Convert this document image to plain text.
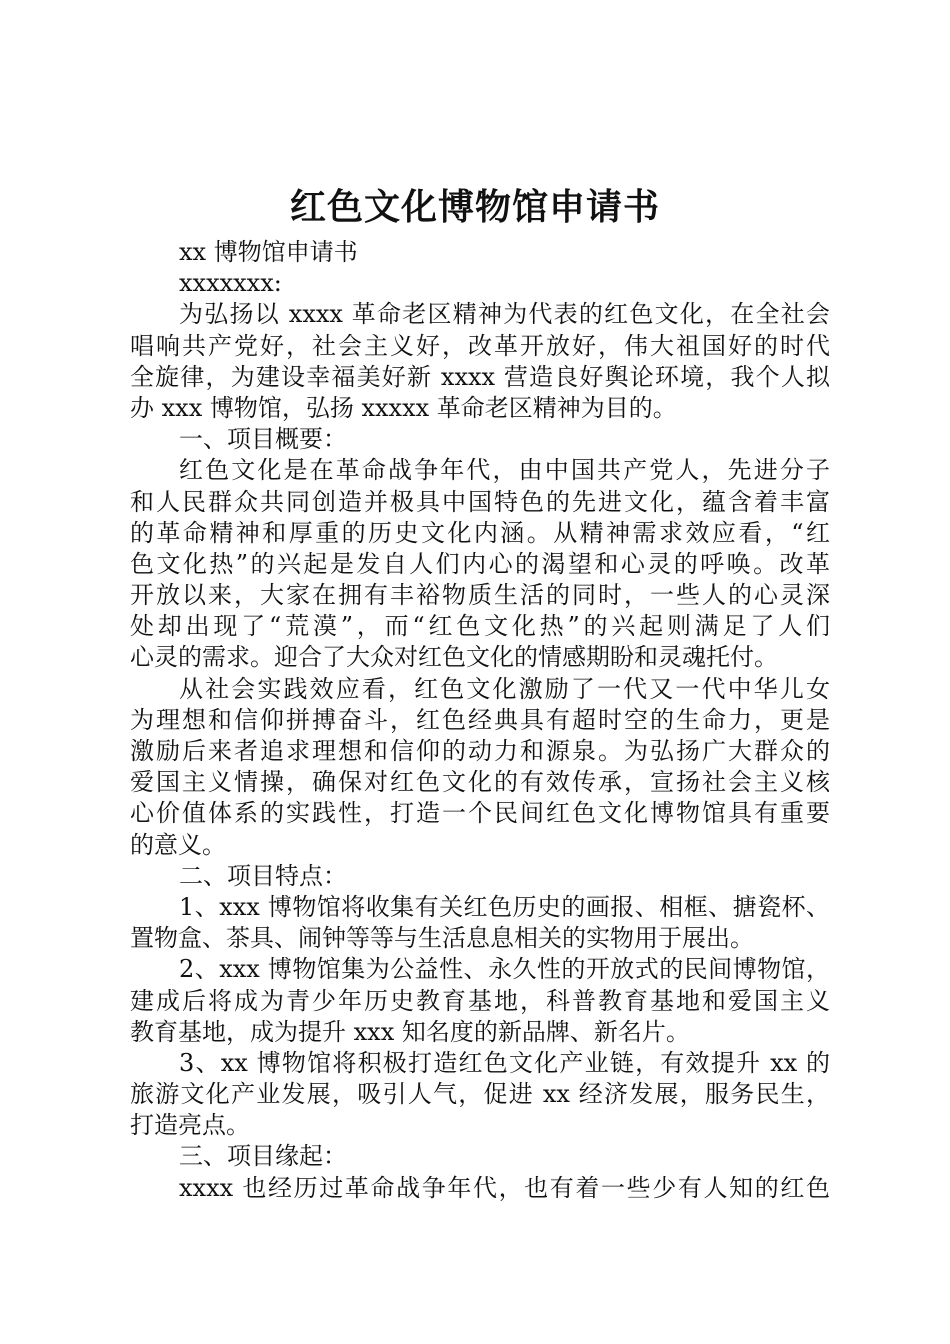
红色文化博物馆申请书
xx 博物馆申请书
xxxxxxx:
为弘扬以 xxxx 革命老区精神为代表的红色文化，在全社会
唱响共产党好，社会主义好，改革开放好，伟大祖国好的时代
全旋律，为建设幸福美好新 xxxx 营造良好舆论环境，我个人拟
办 xxx 博物馆，弘扬 xxxxx 革命老区精神为目的。
一、项目概要：
红色文化是在革命战争年代，由中国共产党人，先进分子
和人民群众共同创造并极具中国特色的先进文化，蕴含着丰富
的革命精神和厚重的历史文化内涵。从精神需求效应看，“红
色文化热”的兴起是发自人们内心的渴望和心灵的呼唤。改革
开放以来，大家在拥有丰裕物质生活的同时，一些人的心灵深
处却出现了“荒漠”，而“红色文化热”的兴起则满足了人们
心灵的需求。迎合了大众对红色文化的情感期盼和灵魂托付。
从社会实践效应看，红色文化激励了一代又一代中华儿女
为理想和信仰拼搏奋斗，红色经典具有超时空的生命力，更是
激励后来者追求理想和信仰的动力和源泉。为弘扬广大群众的
爱国主义情操，确保对红色文化的有效传承，宣扬社会主义核
心价值体系的实践性，打造一个民间红色文化博物馆具有重要
的意义。
二、项目特点：
1、xxx 博物馆将收集有关红色历史的画报、相框、搪瓷杯、
置物盒、茶具、闹钟等等与生活息息相关的实物用于展出。
2、xxx 博物馆集为公益性、永久性的开放式的民间博物馆，
建成后将成为青少年历史教育基地，科普教育基地和爱国主义
教育基地，成为提升 xxx 知名度的新品牌、新名片。
3、xx 博物馆将积极打造红色文化产业链，有效提升 xx 的
旅游文化产业发展，吸引人气，促进 xx 经济发展，服务民生，
打造亮点。
三、项目缘起：
xxxx 也经历过革命战争年代，也有着一些少有人知的红色
